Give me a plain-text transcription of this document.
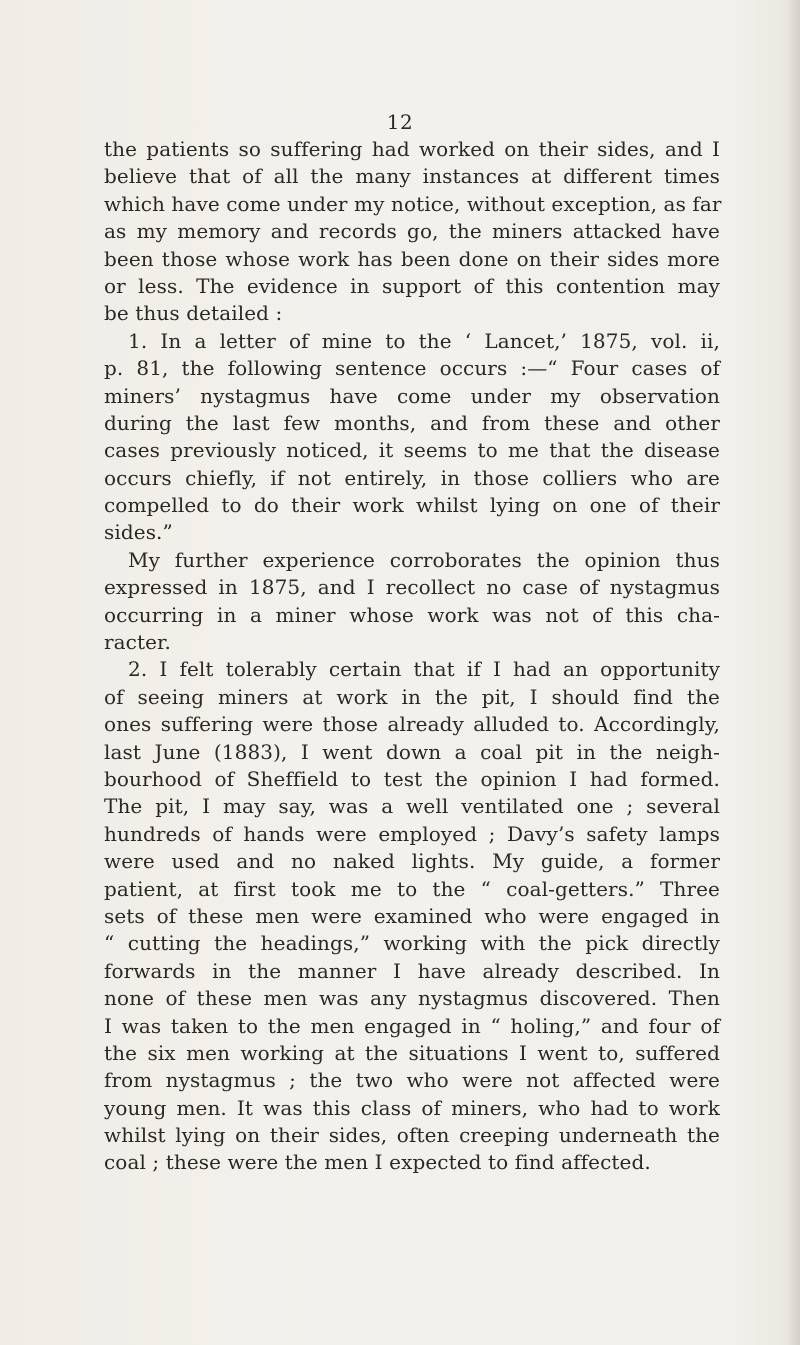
12
the patients so suffering had worked on their sides, and I
believe that of all the many instances at different times
which have come under my notice, without exception, as far
as my memory and records go, the miners attacked have
been those whose work has been done on their sides more
or less. The evidence in support of this contention may
be thus detailed :
1. In a letter of mine to the ‘ Lancet,’ 1875, vol. ii,
p. 81, the following sentence occurs :—“ Four cases of
miners’ nystagmus have come under my observation
during the last few months, and from these and other
cases previously noticed, it seems to me that the disease
occurs chiefly, if not entirely, in those colliers who are
compelled to do their work whilst lying on one of their
sides.”
My further experience corroborates the opinion thus
expressed in 1875, and I recollect no case of nystagmus
occurring in a miner whose work was not of this cha-
racter.
2. I felt tolerably certain that if I had an opportunity
of seeing miners at work in the pit, I should find the
ones suffering were those already alluded to. Accordingly,
last June (1883), I went down a coal pit in the neigh-
bourhood of Sheffield to test the opinion I had formed.
The pit, I may say, was a well ventilated one ; several
hundreds of hands were employed ; Davy’s safety lamps
were used and no naked lights. My guide, a former
patient, at first took me to the “ coal-getters.” Three
sets of these men were examined who were engaged in
“ cutting the headings,” working with the pick directly
forwards in the manner I have already described. In
none of these men was any nystagmus discovered. Then
I was taken to the men engaged in “ holing,” and four of
the six men working at the situations I went to, suffered
from nystagmus ; the two who were not affected were
young men. It was this class of miners, who had to work
whilst lying on their sides, often creeping underneath the
coal ; these were the men I expected to find affected.
